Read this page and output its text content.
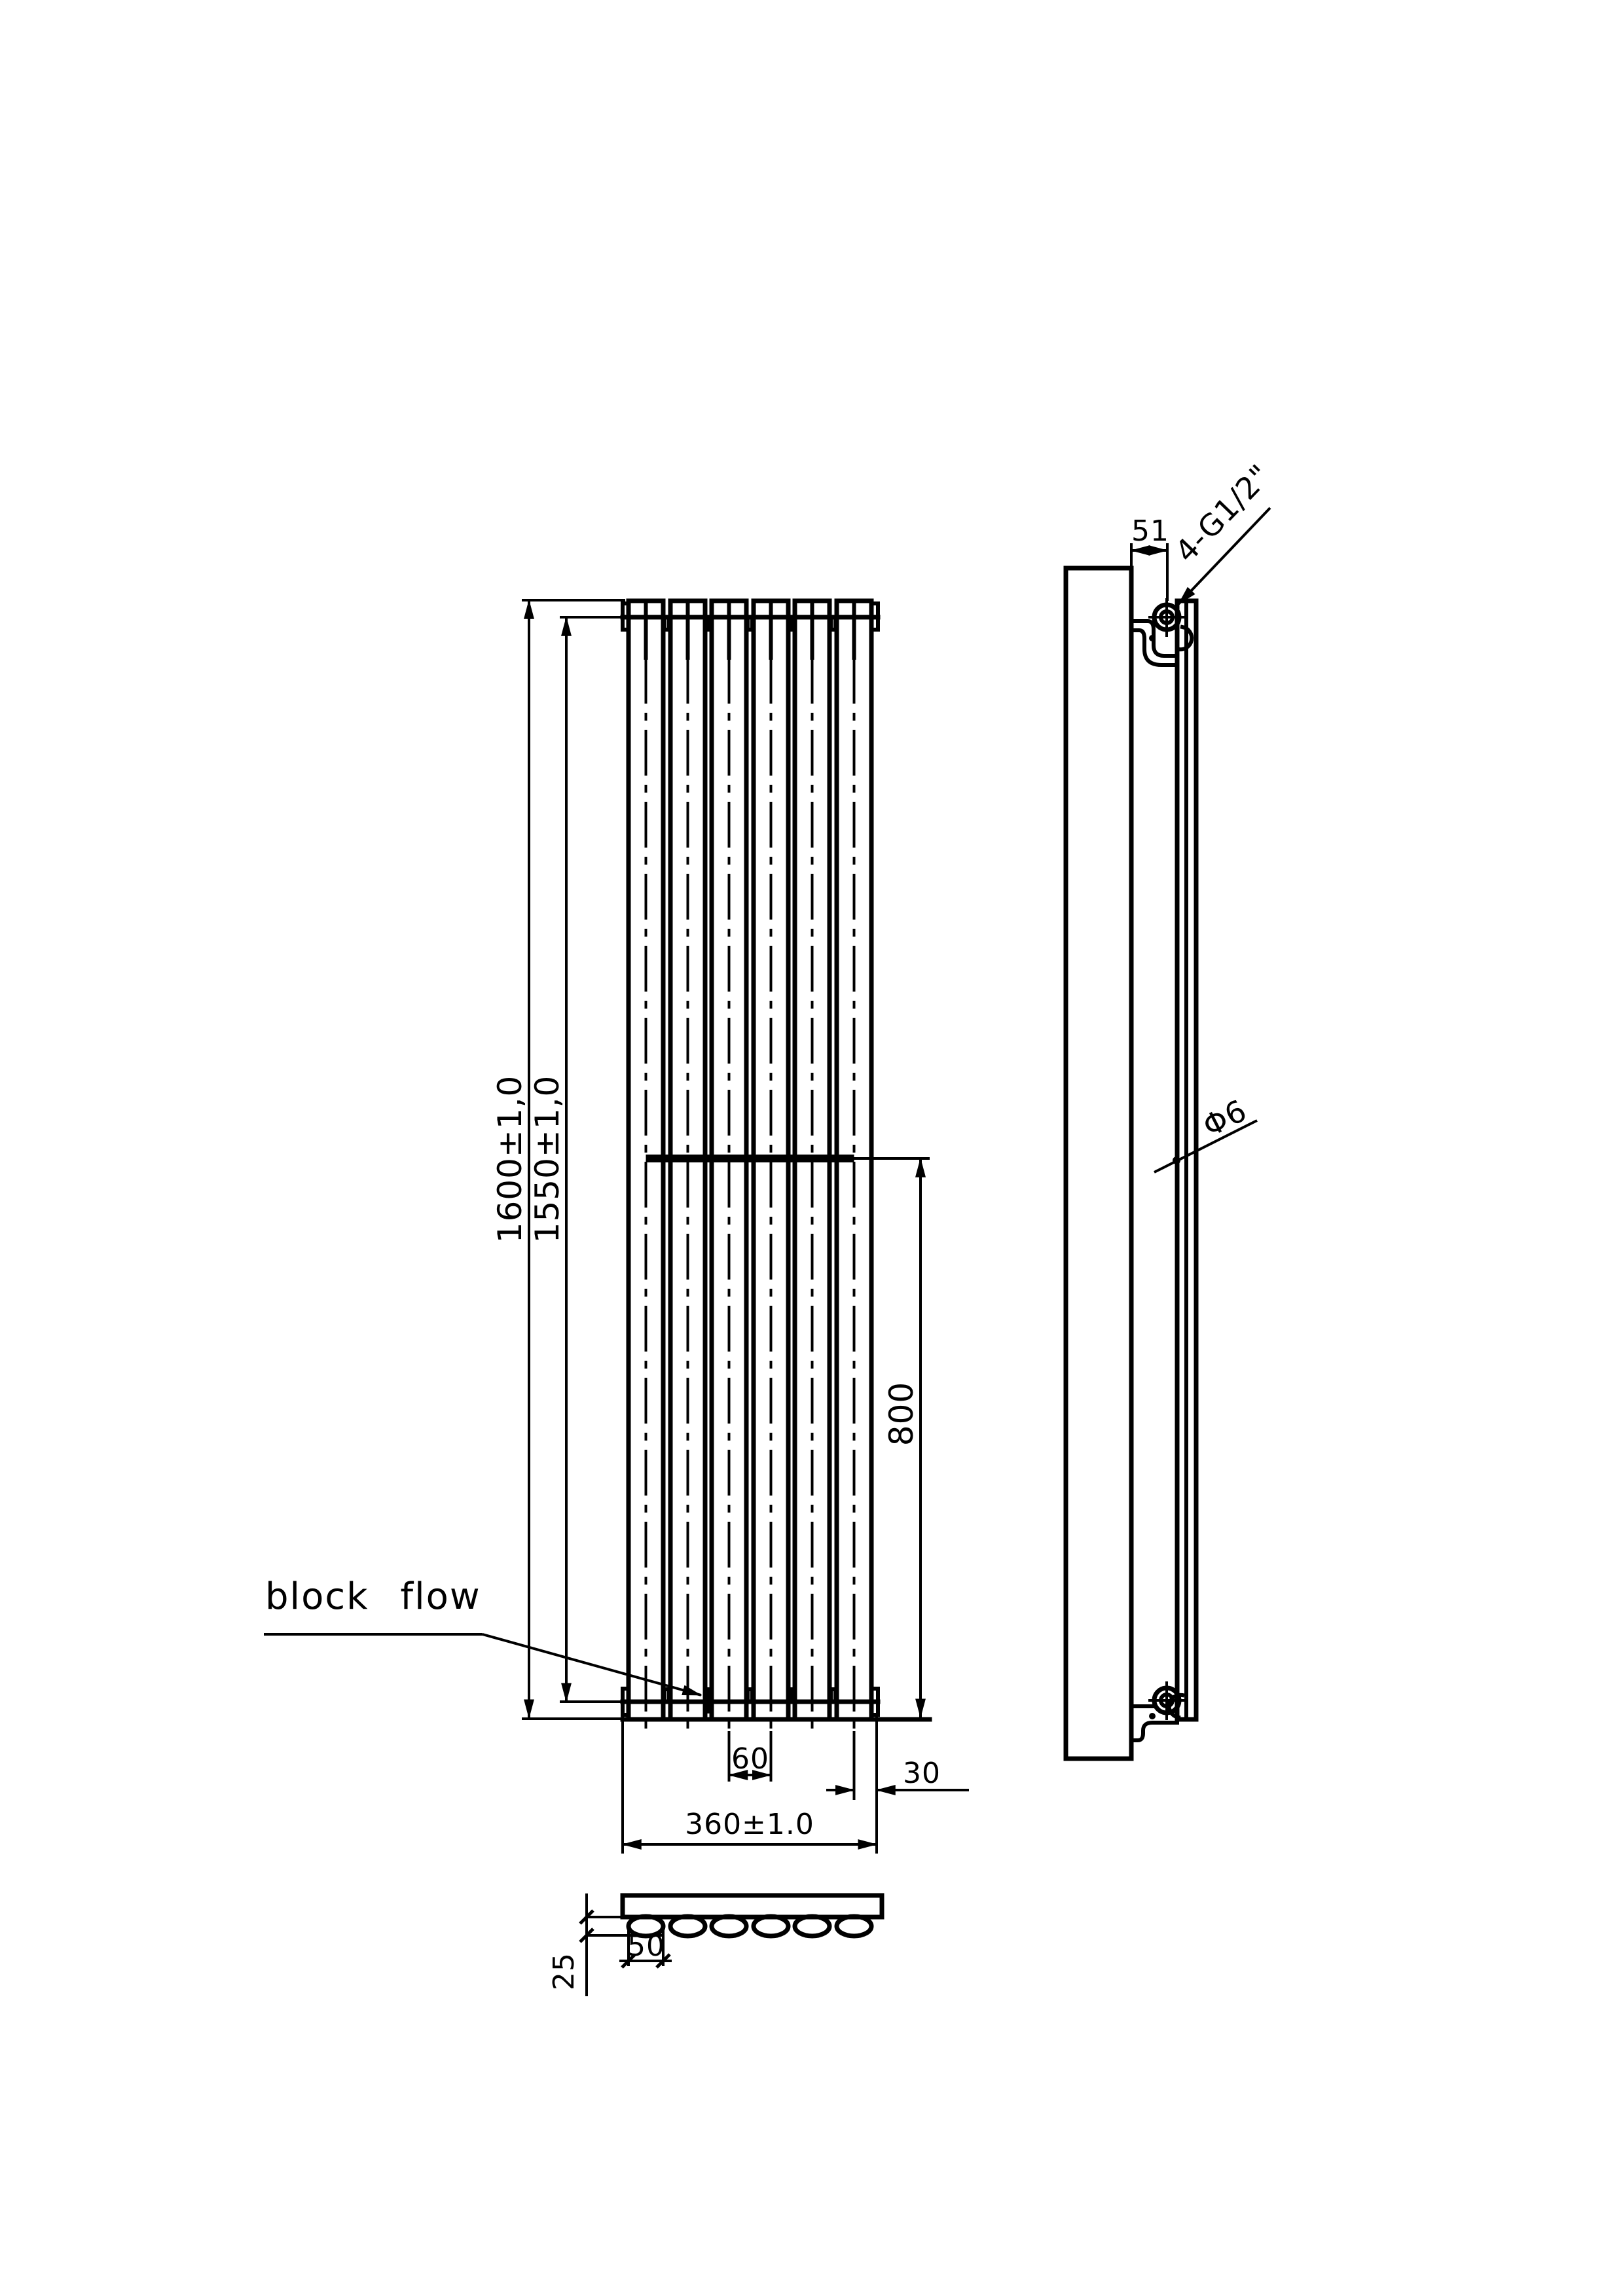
1600±1,0 1550±1,0
800
60	30
360±1.0
block flow
51
4-G1/2"
Φ6
25
50
